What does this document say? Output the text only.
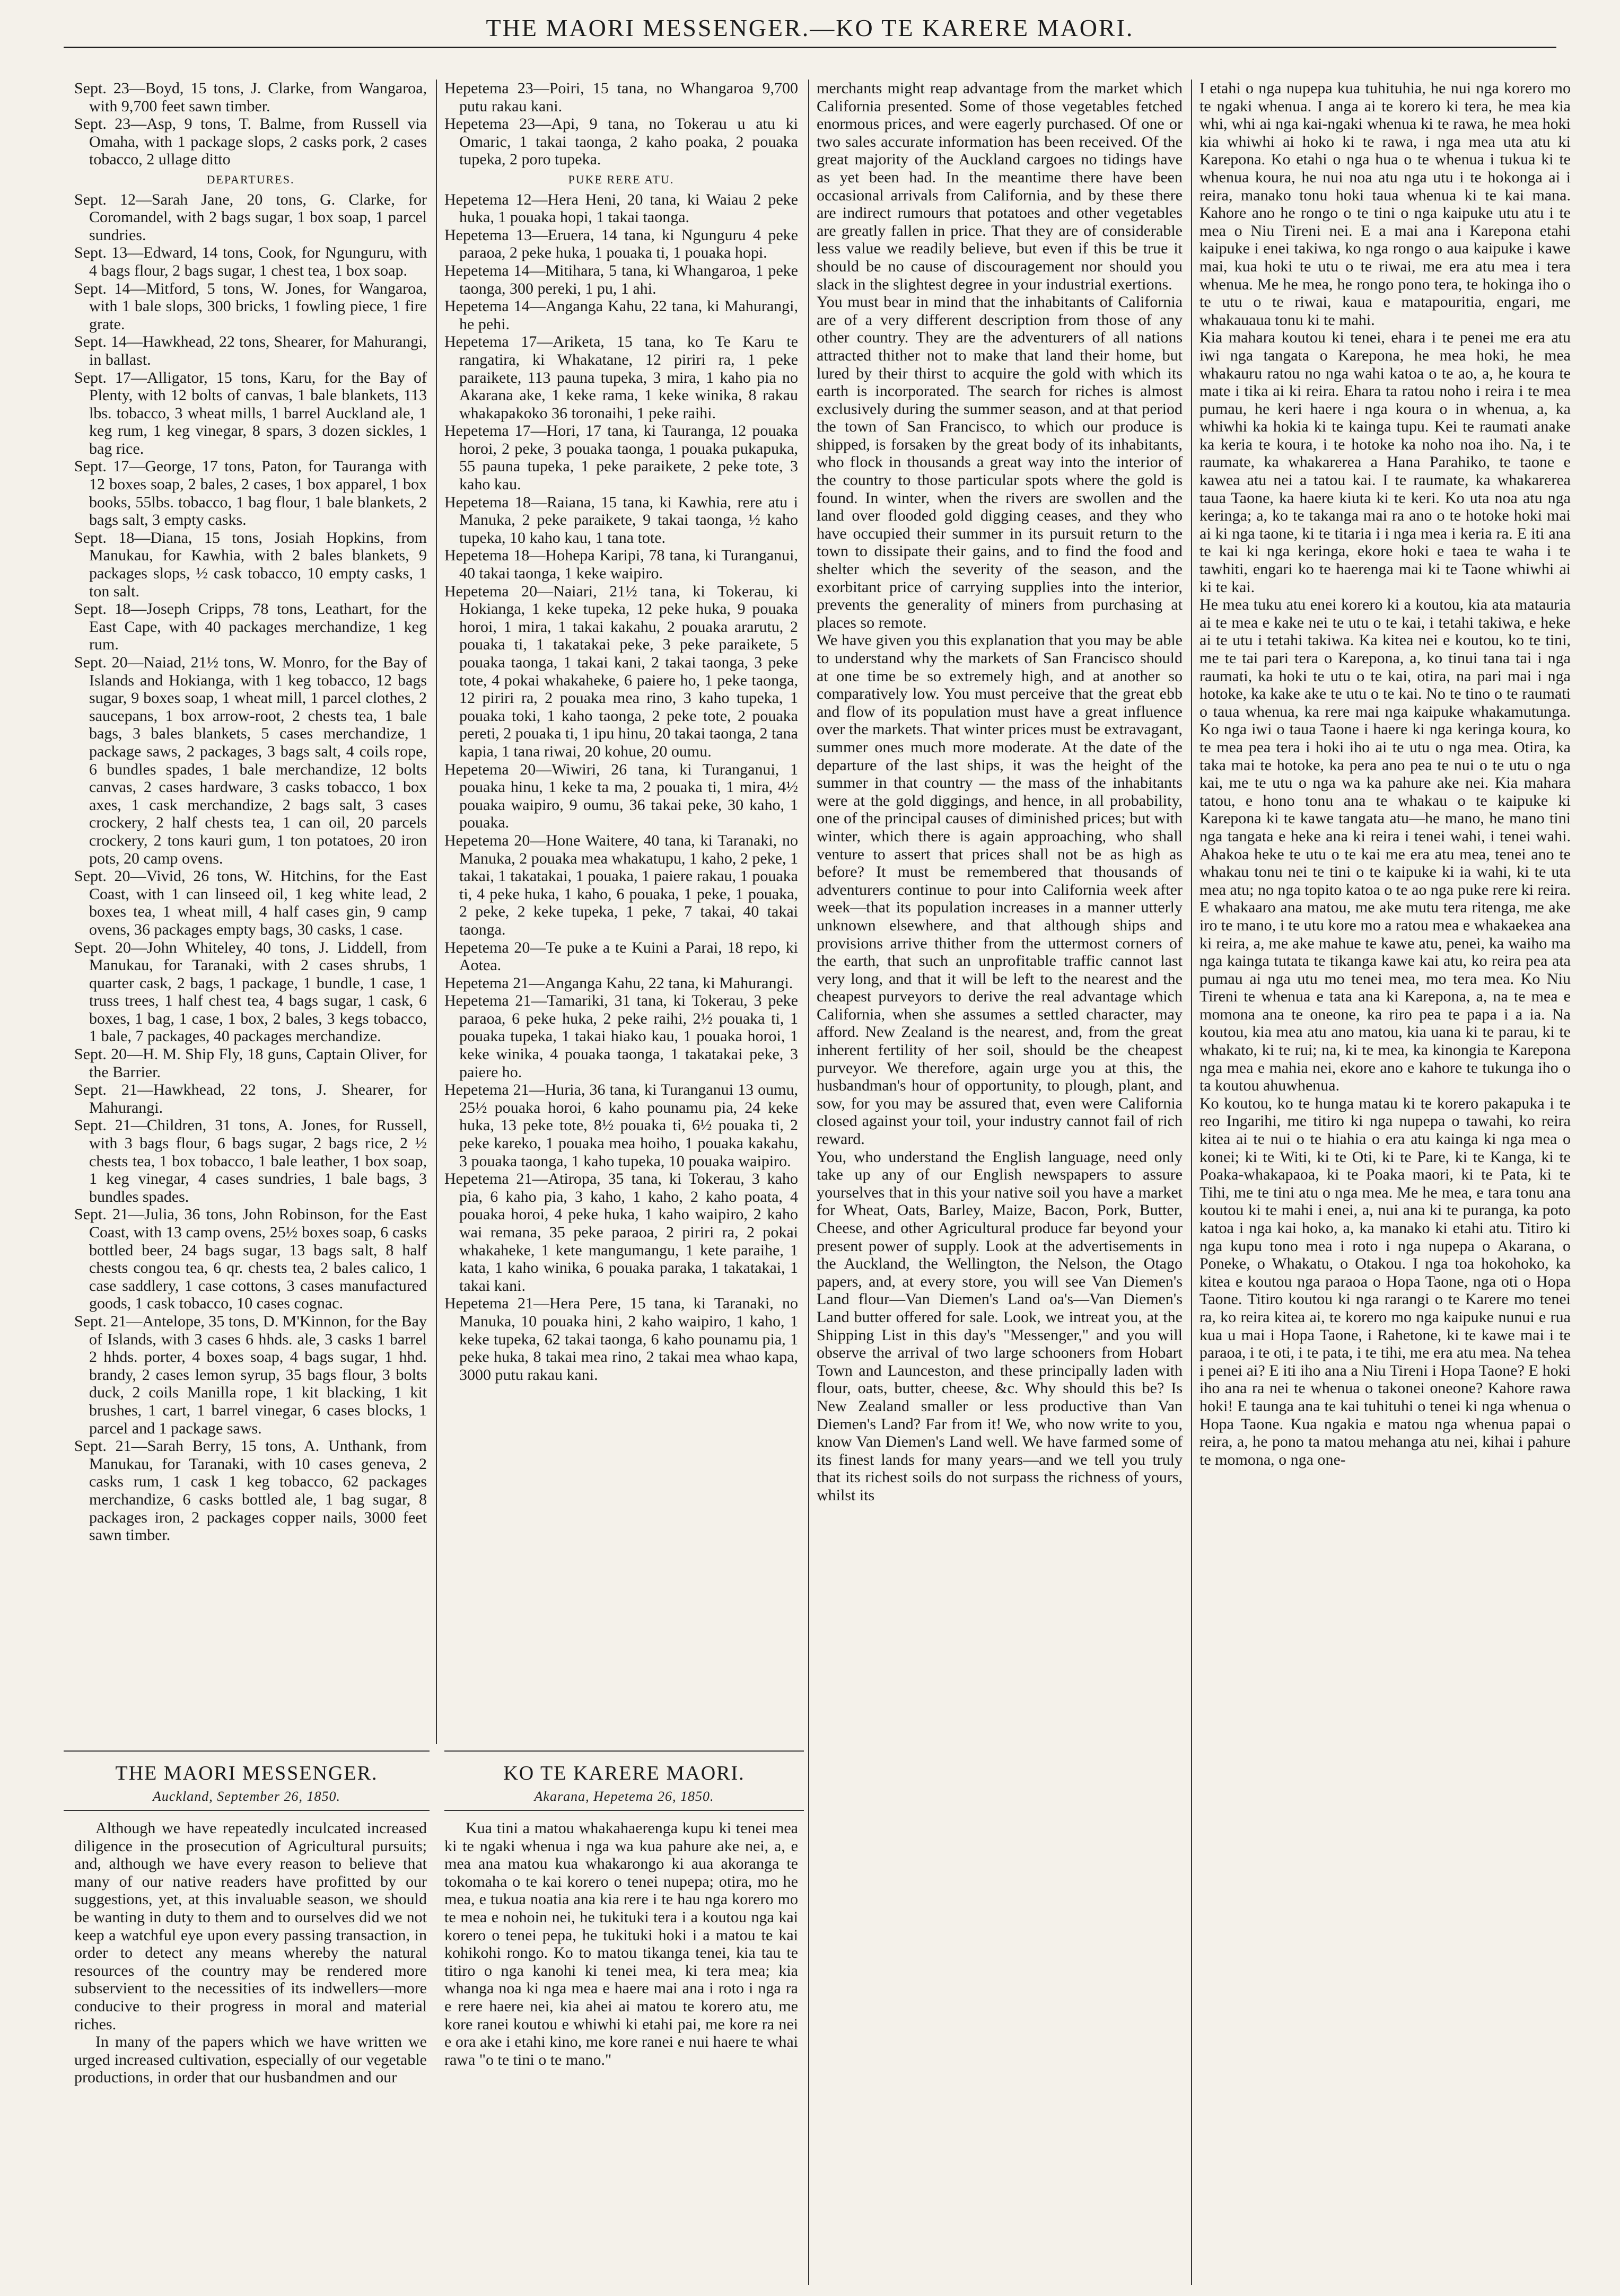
THE MAORI MESSENGER.—KO TE KARERE MAORI.

Sept. 23—Boyd, 15 tons, J. Clarke, from Wangaroa, with 9,700 feet sawn timber.

Sept. 23—Asp, 9 tons, T. Balme, from Russell via Omaha, with 1 package slops, 2 casks pork, 2 cases tobacco, 2 ullage ditto

DEPARTURES.

Sept. 12—Sarah Jane, 20 tons, G. Clarke, for Coromandel, with 2 bags sugar, 1 box soap, 1 parcel sundries.

Sept. 13—Edward, 14 tons, Cook, for Ngunguru, with 4 bags flour, 2 bags sugar, 1 chest tea, 1 box soap.

Sept. 14—Mitford, 5 tons, W. Jones, for Wangaroa, with 1 bale slops, 300 bricks, 1 fowling piece, 1 fire grate.

Sept. 14—Hawkhead, 22 tons, Shearer, for Mahurangi, in ballast.

Sept. 17—Alligator, 15 tons, Karu, for the Bay of Plenty, with 12 bolts of canvas, 1 bale blankets, 113 lbs. tobacco, 3 wheat mills, 1 barrel Auckland ale, 1 keg rum, 1 keg vinegar, 8 spars, 3 dozen sickles, 1 bag rice.

Sept. 17—George, 17 tons, Paton, for Tauranga with 12 boxes soap, 2 bales, 2 cases, 1 box apparel, 1 box books, 55lbs. tobacco, 1 bag flour, 1 bale blankets, 2 bags salt, 3 empty casks.

Sept. 18—Diana, 15 tons, Josiah Hopkins, from Manukau, for Kawhia, with 2 bales blankets, 9 packages slops, ½ cask tobacco, 10 empty casks, 1 ton salt.

Sept. 18—Joseph Cripps, 78 tons, Leathart, for the East Cape, with 40 packages merchandize, 1 keg rum.

Sept. 20—Naiad, 21½ tons, W. Monro, for the Bay of Islands and Hokianga, with 1 keg tobacco, 12 bags sugar, 9 boxes soap, 1 wheat mill, 1 parcel clothes, 2 saucepans, 1 box arrow-root, 2 chests tea, 1 bale bags, 3 bales blankets, 5 cases merchandize, 1 package saws, 2 packages, 3 bags salt, 4 coils rope, 6 bundles spades, 1 bale merchandize, 12 bolts canvas, 2 cases hardware, 3 casks tobacco, 1 box axes, 1 cask merchandize, 2 bags salt, 3 cases crockery, 2 half chests tea, 1 can oil, 20 parcels crockery, 2 tons kauri gum, 1 ton potatoes, 20 iron pots, 20 camp ovens.

Sept. 20—Vivid, 26 tons, W. Hitchins, for the East Coast, with 1 can linseed oil, 1 keg white lead, 2 boxes tea, 1 wheat mill, 4 half cases gin, 9 camp ovens, 36 packages empty bags, 30 casks, 1 case.

Sept. 20—John Whiteley, 40 tons, J. Liddell, from Manukau, for Taranaki, with 2 cases shrubs, 1 quarter cask, 2 bags, 1 package, 1 bundle, 1 case, 1 truss trees, 1 half chest tea, 4 bags sugar, 1 cask, 6 boxes, 1 bag, 1 case, 1 box, 2 bales, 3 kegs tobacco, 1 bale, 7 packages, 40 packages merchandize.

Sept. 20—H. M. Ship Fly, 18 guns, Captain Oliver, for the Barrier.

Sept. 21—Hawkhead, 22 tons, J. Shearer, for Mahurangi.

Sept. 21—Children, 31 tons, A. Jones, for Russell, with 3 bags flour, 6 bags sugar, 2 bags rice, 2 ½ chests tea, 1 box tobacco, 1 bale leather, 1 box soap, 1 keg vinegar, 4 cases sundries, 1 bale bags, 3 bundles spades.

Sept. 21—Julia, 36 tons, John Robinson, for the East Coast, with 13 camp ovens, 25½ boxes soap, 6 casks bottled beer, 24 bags sugar, 13 bags salt, 8 half chests congou tea, 6 qr. chests tea, 2 bales calico, 1 case saddlery, 1 case cottons, 3 cases manufactured goods, 1 cask tobacco, 10 cases cognac.

Sept. 21—Antelope, 35 tons, D. M'Kinnon, for the Bay of Islands, with 3 cases 6 hhds. ale, 3 casks 1 barrel 2 hhds. porter, 4 boxes soap, 4 bags sugar, 1 hhd. brandy, 2 cases lemon syrup, 35 bags flour, 3 bolts duck, 2 coils Manilla rope, 1 kit blacking, 1 kit brushes, 1 cart, 1 barrel vinegar, 6 cases blocks, 1 parcel and 1 package saws.

Sept. 21—Sarah Berry, 15 tons, A. Unthank, from Manukau, for Taranaki, with 10 cases geneva, 2 casks rum, 1 cask 1 keg tobacco, 62 packages merchandize, 6 casks bottled ale, 1 bag sugar, 8 packages iron, 2 packages copper nails, 3000 feet sawn timber.

Hepetema 23—Poiri, 15 tana, no Whangaroa 9,700 putu rakau kani.

Hepetema 23—Api, 9 tana, no Tokerau u atu ki Omaric, 1 takai taonga, 2 kaho poaka, 2 pouaka tupeka, 2 poro tupeka.

PUKE RERE ATU.

Hepetema 12—Hera Heni, 20 tana, ki Waiau 2 peke huka, 1 pouaka hopi, 1 takai taonga.

Hepetema 13—Eruera, 14 tana, ki Ngunguru 4 peke paraoa, 2 peke huka, 1 pouaka ti, 1 pouaka hopi.

Hepetema 14—Mitihara, 5 tana, ki Whangaroa, 1 peke taonga, 300 pereki, 1 pu, 1 ahi.

Hepetema 14—Anganga Kahu, 22 tana, ki Mahurangi, he pehi.

Hepetema 17—Ariketa, 15 tana, ko Te Karu te rangatira, ki Whakatane, 12 piriri ra, 1 peke paraikete, 113 pauna tupeka, 3 mira, 1 kaho pia no Akarana ake, 1 keke rama, 1 keke winika, 8 rakau whakapakoko 36 toronaihi, 1 peke raihi.

Hepetema 17—Hori, 17 tana, ki Tauranga, 12 pouaka horoi, 2 peke, 3 pouaka taonga, 1 pouaka pukapuka, 55 pauna tupeka, 1 peke paraikete, 2 peke tote, 3 kaho kau.

Hepetema 18—Raiana, 15 tana, ki Kawhia, rere atu i Manuka, 2 peke paraikete, 9 takai taonga, ½ kaho tupeka, 10 kaho kau, 1 tana tote.

Hepetema 18—Hohepa Karipi, 78 tana, ki Turanganui, 40 takai taonga, 1 keke waipiro.

Hepetema 20—Naiari, 21½ tana, ki Tokerau, ki Hokianga, 1 keke tupeka, 12 peke huka, 9 pouaka horoi, 1 mira, 1 takai kakahu, 2 pouaka ararutu, 2 pouaka ti, 1 takatakai peke, 3 peke paraikete, 5 pouaka taonga, 1 takai kani, 2 takai taonga, 3 peke tote, 4 pokai whakaheke, 6 paiere ho, 1 peke taonga, 12 piriri ra, 2 pouaka mea rino, 3 kaho tupeka, 1 pouaka toki, 1 kaho taonga, 2 peke tote, 2 pouaka pereti, 2 pouaka ti, 1 ipu hinu, 20 takai taonga, 2 tana kapia, 1 tana riwai, 20 kohue, 20 oumu.

Hepetema 20—Wiwiri, 26 tana, ki Turanganui, 1 pouaka hinu, 1 keke ta ma, 2 pouaka ti, 1 mira, 4½ pouaka waipiro, 9 oumu, 36 takai peke, 30 kaho, 1 pouaka.

Hepetema 20—Hone Waitere, 40 tana, ki Taranaki, no Manuka, 2 pouaka mea whakatupu, 1 kaho, 2 peke, 1 takai, 1 takatakai, 1 pouaka, 1 paiere rakau, 1 pouaka ti, 4 peke huka, 1 kaho, 6 pouaka, 1 peke, 1 pouaka, 2 peke, 2 keke tupeka, 1 peke, 7 takai, 40 takai taonga.

Hepetema 20—Te puke a te Kuini a Parai, 18 repo, ki Aotea.

Hepetema 21—Anganga Kahu, 22 tana, ki Mahurangi.

Hepetema 21—Tamariki, 31 tana, ki Tokerau, 3 peke paraoa, 6 peke huka, 2 peke raihi, 2½ pouaka ti, 1 pouaka tupeka, 1 takai hiako kau, 1 pouaka horoi, 1 keke winika, 4 pouaka taonga, 1 takatakai peke, 3 paiere ho.

Hepetema 21—Huria, 36 tana, ki Turanganui 13 oumu, 25½ pouaka horoi, 6 kaho pounamu pia, 24 keke huka, 13 peke tote, 8½ pouaka ti, 6½ pouaka ti, 2 peke kareko, 1 pouaka mea hoiho, 1 pouaka kakahu, 3 pouaka taonga, 1 kaho tupeka, 10 pouaka waipiro.

Hepetema 21—Atiropa, 35 tana, ki Tokerau, 3 kaho pia, 6 kaho pia, 3 kaho, 1 kaho, 2 kaho poata, 4 pouaka horoi, 4 peke huka, 1 kaho waipiro, 2 kaho wai remana, 35 peke paraoa, 2 piriri ra, 2 pokai whakaheke, 1 kete mangumangu, 1 kete paraihe, 1 kata, 1 kaho winika, 6 pouaka paraka, 1 takatakai, 1 takai kani.

Hepetema 21—Hera Pere, 15 tana, ki Taranaki, no Manuka, 10 pouaka hini, 2 kaho waipiro, 1 kaho, 1 keke tupeka, 62 takai taonga, 6 kaho pounamu pia, 1 peke huka, 8 takai mea rino, 2 takai mea whao kapa, 3000 putu rakau kani.

merchants might reap advantage from the market which California presented. Some of those vegetables fetched enormous prices, and were eagerly purchased. Of one or two sales accurate information has been received. Of the great majority of the Auckland cargoes no tidings have as yet been had. In the meantime there have been occasional arrivals from California, and by these there are indirect rumours that potatoes and other vegetables are greatly fallen in price. That they are of considerable less value we readily believe, but even if this be true it should be no cause of discouragement nor should you slack in the slightest degree in your industrial exertions.

You must bear in mind that the inhabitants of California are of a very different description from those of any other country. They are the adventurers of all nations attracted thither not to make that land their home, but lured by their thirst to acquire the gold with which its earth is incorporated. The search for riches is almost exclusively during the summer season, and at that period the town of San Francisco, to which our produce is shipped, is forsaken by the great body of its inhabitants, who flock in thousands a great way into the interior of the country to those particular spots where the gold is found. In winter, when the rivers are swollen and the land over flooded gold digging ceases, and they who have occupied their summer in its pursuit return to the town to dissipate their gains, and to find the food and shelter which the severity of the season, and the exorbitant price of carrying supplies into the interior, prevents the generality of miners from purchasing at places so remote.

We have given you this explanation that you may be able to understand why the markets of San Francisco should at one time be so extremely high, and at another so comparatively low. You must perceive that the great ebb and flow of its population must have a great influence over the markets. That winter prices must be extravagant, summer ones much more moderate. At the date of the departure of the last ships, it was the height of the summer in that country — the mass of the inhabitants were at the gold diggings, and hence, in all probability, one of the principal causes of diminished prices; but with winter, which there is again approaching, who shall venture to assert that prices shall not be as high as before? It must be remembered that thousands of adventurers continue to pour into California week after week—that its population increases in a manner utterly unknown elsewhere, and that although ships and provisions arrive thither from the uttermost corners of the earth, that such an unprofitable traffic cannot last very long, and that it will be left to the nearest and the cheapest purveyors to derive the real advantage which California, when she assumes a settled character, may afford. New Zealand is the nearest, and, from the great inherent fertility of her soil, should be the cheapest purveyor. We therefore, again urge you at this, the husbandman's hour of opportunity, to plough, plant, and sow, for you may be assured that, even were California closed against your toil, your industry cannot fail of rich reward.

You, who understand the English language, need only take up any of our English newspapers to assure yourselves that in this your native soil you have a market for Wheat, Oats, Barley, Maize, Bacon, Pork, Butter, Cheese, and other Agricultural produce far beyond your present power of supply. Look at the advertisements in the Auckland, the Wellington, the Nelson, the Otago papers, and, at every store, you will see Van Diemen's Land flour—Van Diemen's Land oa's—Van Diemen's Land butter offered for sale. Look, we intreat you, at the Shipping List in this day's "Messenger," and you will observe the arrival of two large schooners from Hobart Town and Launceston, and these principally laden with flour, oats, butter, cheese, &c. Why should this be? Is New Zealand smaller or less productive than Van Diemen's Land? Far from it! We, who now write to you, know Van Diemen's Land well. We have farmed some of its finest lands for many years—and we tell you truly that its richest soils do not surpass the richness of yours, whilst its

I etahi o nga nupepa kua tuhituhia, he nui nga korero mo te ngaki whenua. I anga ai te korero ki tera, he mea kia whi, whi ai nga kai-ngaki whenua ki te rawa, he mea hoki kia whiwhi ai hoko ki te rawa, i nga mea uta atu ki Karepona. Ko etahi o nga hua o te whenua i tukua ki te whenua koura, he nui noa atu nga utu i te hokonga ai i reira, manako tonu hoki taua whenua ki te kai mana. Kahore ano he rongo o te tini o nga kaipuke utu atu i te mea o Niu Tireni nei. E a mai ana i Karepona etahi kaipuke i enei takiwa, ko nga rongo o aua kaipuke i kawe mai, kua hoki te utu o te riwai, me era atu mea i tera whenua. Me he mea, he rongo pono tera, te hokinga iho o te utu o te riwai, kaua e matapouritia, engari, me whakauaua tonu ki te mahi.

Kia mahara koutou ki tenei, ehara i te penei me era atu iwi nga tangata o Karepona, he mea hoki, he mea whakauru ratou no nga wahi katoa o te ao, a, he koura te mate i tika ai ki reira. Ehara ta ratou noho i reira i te mea pumau, he keri haere i nga koura o in whenua, a, ka whiwhi ka hokia ki te kainga tupu. Kei te raumati anake ka keria te koura, i te hotoke ka noho noa iho. Na, i te raumate, ka whakarerea a Hana Parahiko, te taone e kawea atu nei a tatou kai. I te raumate, ka whakarerea taua Taone, ka haere kiuta ki te keri. Ko uta noa atu nga keringa; a, ko te takanga mai ra ano o te hotoke hoki mai ai ki nga taone, ki te titaria i i nga mea i keria ra. E iti ana te kai ki nga keringa, ekore hoki e taea te waha i te tawhiti, engari ko te haerenga mai ki te Taone whiwhi ai ki te kai.

He mea tuku atu enei korero ki a koutou, kia ata matauria ai te mea e kake nei te utu o te kai, i tetahi takiwa, e heke ai te utu i tetahi takiwa. Ka kitea nei e koutou, ko te tini, me te tai pari tera o Karepona, a, ko tinui tana tai i nga raumati, ka hoki te utu o te kai, otira, na pari mai i nga hotoke, ka kake ake te utu o te kai. No te tino o te raumati o taua whenua, ka rere mai nga kaipuke whakamutunga. Ko nga iwi o taua Taone i haere ki nga keringa koura, ko te mea pea tera i hoki iho ai te utu o nga mea. Otira, ka taka mai te hotoke, ka pera ano pea te nui o te utu o nga kai, me te utu o nga wa ka pahure ake nei. Kia mahara tatou, e hono tonu ana te whakau o te kaipuke ki Karepona ki te kawe tangata atu—he mano, he mano tini nga tangata e heke ana ki reira i tenei wahi, i tenei wahi. Ahakoa heke te utu o te kai me era atu mea, tenei ano te whakau tonu nei te tini o te kaipuke ki ia wahi, ki te uta mea atu; no nga topito katoa o te ao nga puke rere ki reira. E whakaaro ana matou, me ake mutu tera ritenga, me ake iro te mano, i te utu kore mo a ratou mea e whakaekea ana ki reira, a, me ake mahue te kawe atu, penei, ka waiho ma nga kainga tutata te tikanga kawe kai atu, ko reira pea ata pumau ai nga utu mo tenei mea, mo tera mea. Ko Niu Tireni te whenua e tata ana ki Karepona, a, na te mea e momona ana te oneone, ka riro pea te papa i a ia. Na koutou, kia mea atu ano matou, kia uana ki te parau, ki te whakato, ki te rui; na, ki te mea, ka kinongia te Karepona nga mea e mahia nei, ekore ano e kahore te tukunga iho o ta koutou ahuwhenua.

Ko koutou, ko te hunga matau ki te korero pakapuka i te reo Ingarihi, me titiro ki nga nupepa o tawahi, ko reira kitea ai te nui o te hiahia o era atu kainga ki nga mea o konei; ki te Witi, ki te Oti, ki te Pare, ki te Kanga, ki te Poaka-whakapaoa, ki te Poaka maori, ki te Pata, ki te Tihi, me te tini atu o nga mea. Me he mea, e tara tonu ana koutou ki te mahi i enei, a, nui ana ki te puranga, ka poto katoa i nga kai hoko, a, ka manako ki etahi atu. Titiro ki nga kupu tono mea i roto i nga nupepa o Akarana, o Poneke, o Whakatu, o Otakou. I nga toa hokohoko, ka kitea e koutou nga paraoa o Hopa Taone, nga oti o Hopa Taone. Titiro koutou ki nga rarangi o te Karere mo tenei ra, ko reira kitea ai, te korero mo nga kaipuke nunui e rua kua u mai i Hopa Taone, i Rahetone, ki te kawe mai i te paraoa, i te oti, i te pata, i te tihi, me era atu mea. Na tehea i penei ai? E iti iho ana a Niu Tireni i Hopa Taone? E hoki iho ana ra nei te whenua o takonei oneone? Kahore rawa hoki! E taunga ana te kai tuhituhi o tenei ki nga whenua o Hopa Taone. Kua ngakia e matou nga whenua papai o reira, a, he pono ta matou mehanga atu nei, kihai i pahure te momona, o nga one-

THE MAORI MESSENGER.
Auckland, September 26, 1850.
KO TE KARERE MAORI.
Akarana, Hepetema 26, 1850.

Although we have repeatedly inculcated increased diligence in the prosecution of Agricultural pursuits; and, although we have every reason to believe that many of our native readers have profitted by our suggestions, yet, at this invaluable season, we should be wanting in duty to them and to ourselves did we not keep a watchful eye upon every passing transaction, in order to detect any means whereby the natural resources of the country may be rendered more subservient to the necessities of its indwellers—more conducive to their progress in moral and material riches.

In many of the papers which we have written we urged increased cultivation, especially of our vegetable productions, in order that our husbandmen and our

Kua tini a matou whakahaerenga kupu ki tenei mea ki te ngaki whenua i nga wa kua pahure ake nei, a, e mea ana matou kua whakarongo ki aua akoranga te tokomaha o te kai korero o tenei nupepa; otira, mo he mea, e tukua noatia ana kia rere i te hau nga korero mo te mea e nohoin nei, he tukituki tera i a koutou nga kai korero o tenei pepa, he tukituki hoki i a matou te kai kohikohi rongo. Ko to matou tikanga tenei, kia tau te titiro o nga kanohi ki tenei mea, ki tera mea; kia whanga noa ki nga mea e haere mai ana i roto i nga ra e rere haere nei, kia ahei ai matou te korero atu, me kore ranei koutou e whiwhi ki etahi pai, me kore ra nei e ora ake i etahi kino, me kore ranei e nui haere te whai rawa "o te tini o te mano."
